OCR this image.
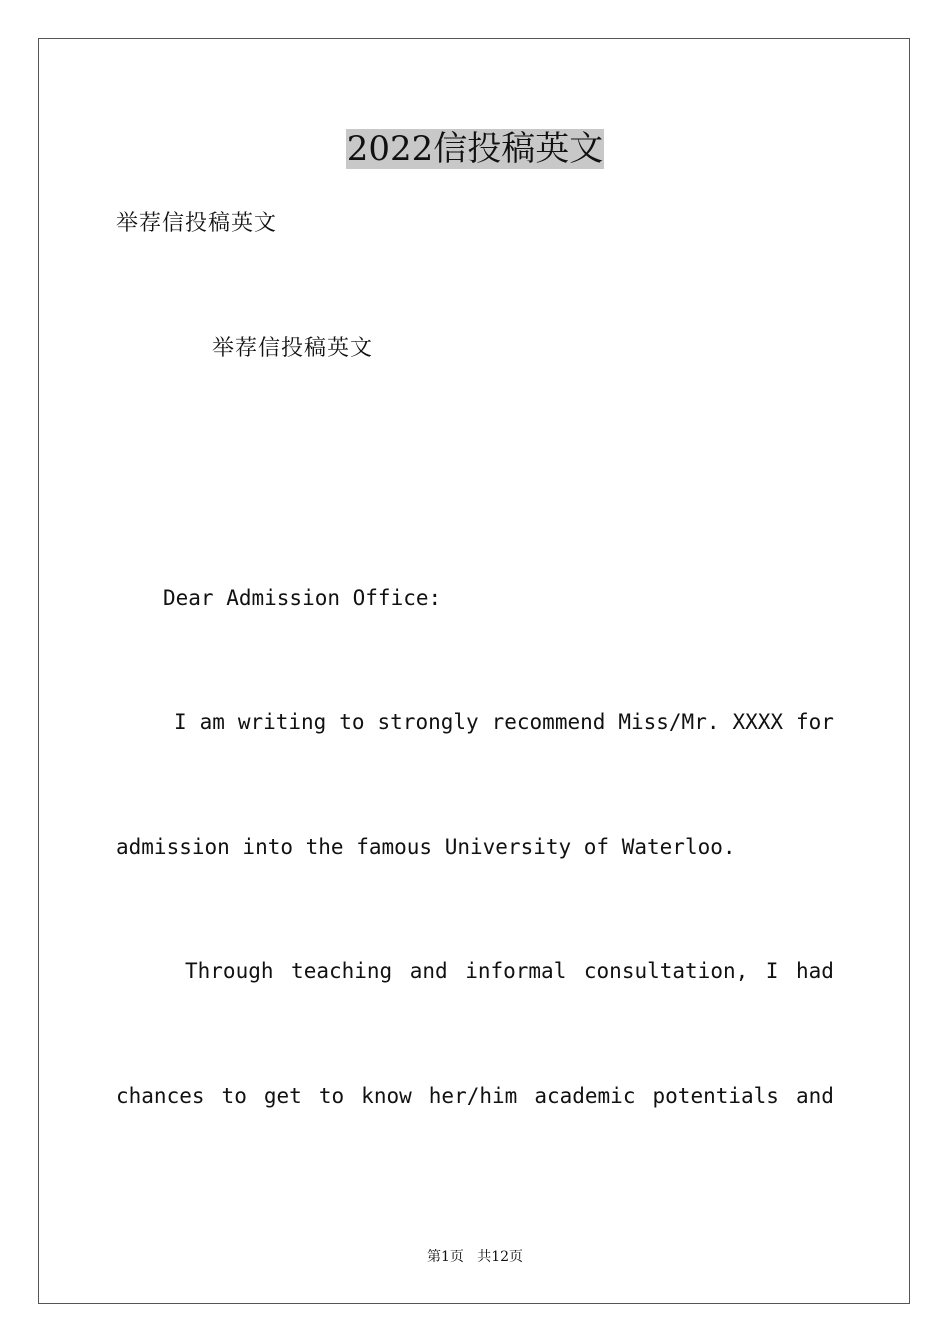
2022信投稿英文
举荐信投稿英文
举荐信投稿英文
Dear Admission Office:
I am writing to strongly recommend Miss/Mr. XXXX for
admission into the famous University of Waterloo.
Through teaching and informal consultation, I had
chances to get to know her/him academic potentials and
第1页   共12页
